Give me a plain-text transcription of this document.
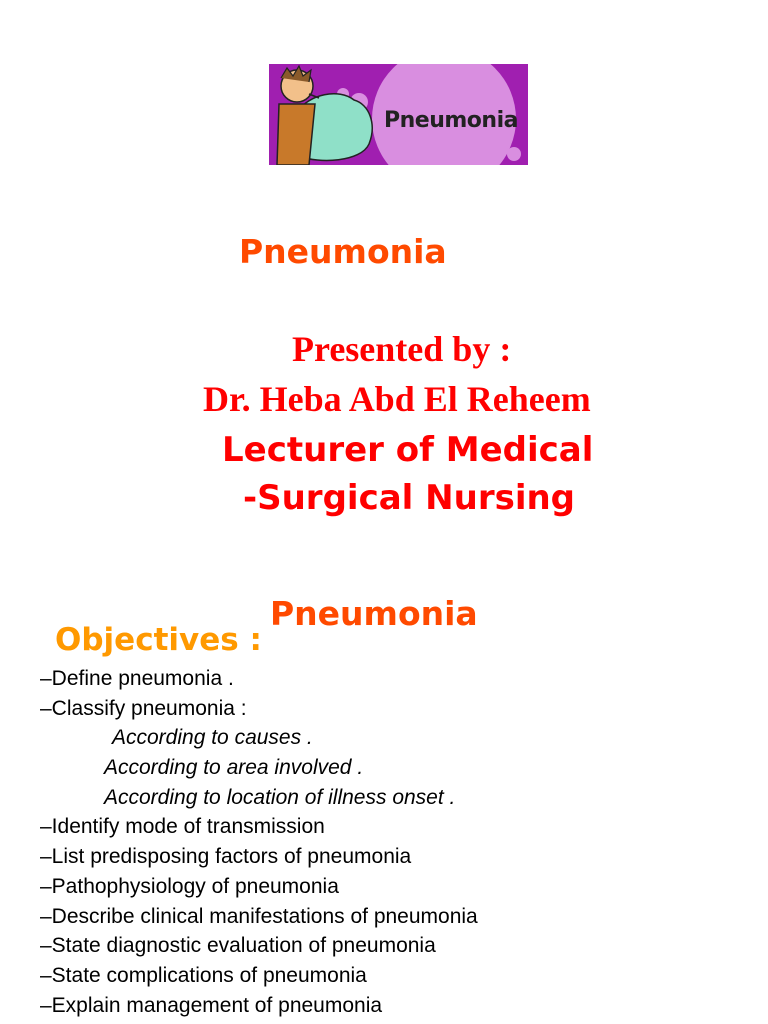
Pneumonia
Pneumonia
Presented by :
Dr. Heba Abd El Reheem
Lecturer of Medical
-Surgical Nursing
Pneumonia
Objectives :
–Define pneumonia .
–Classify pneumonia :
According to causes .
According to area involved .
According to location of illness onset .
–Identify mode of transmission
–List predisposing factors of pneumonia
–Pathophysiology of pneumonia
–Describe clinical manifestations of pneumonia
–State diagnostic evaluation of pneumonia
–State complications of pneumonia
–Explain management of pneumonia
